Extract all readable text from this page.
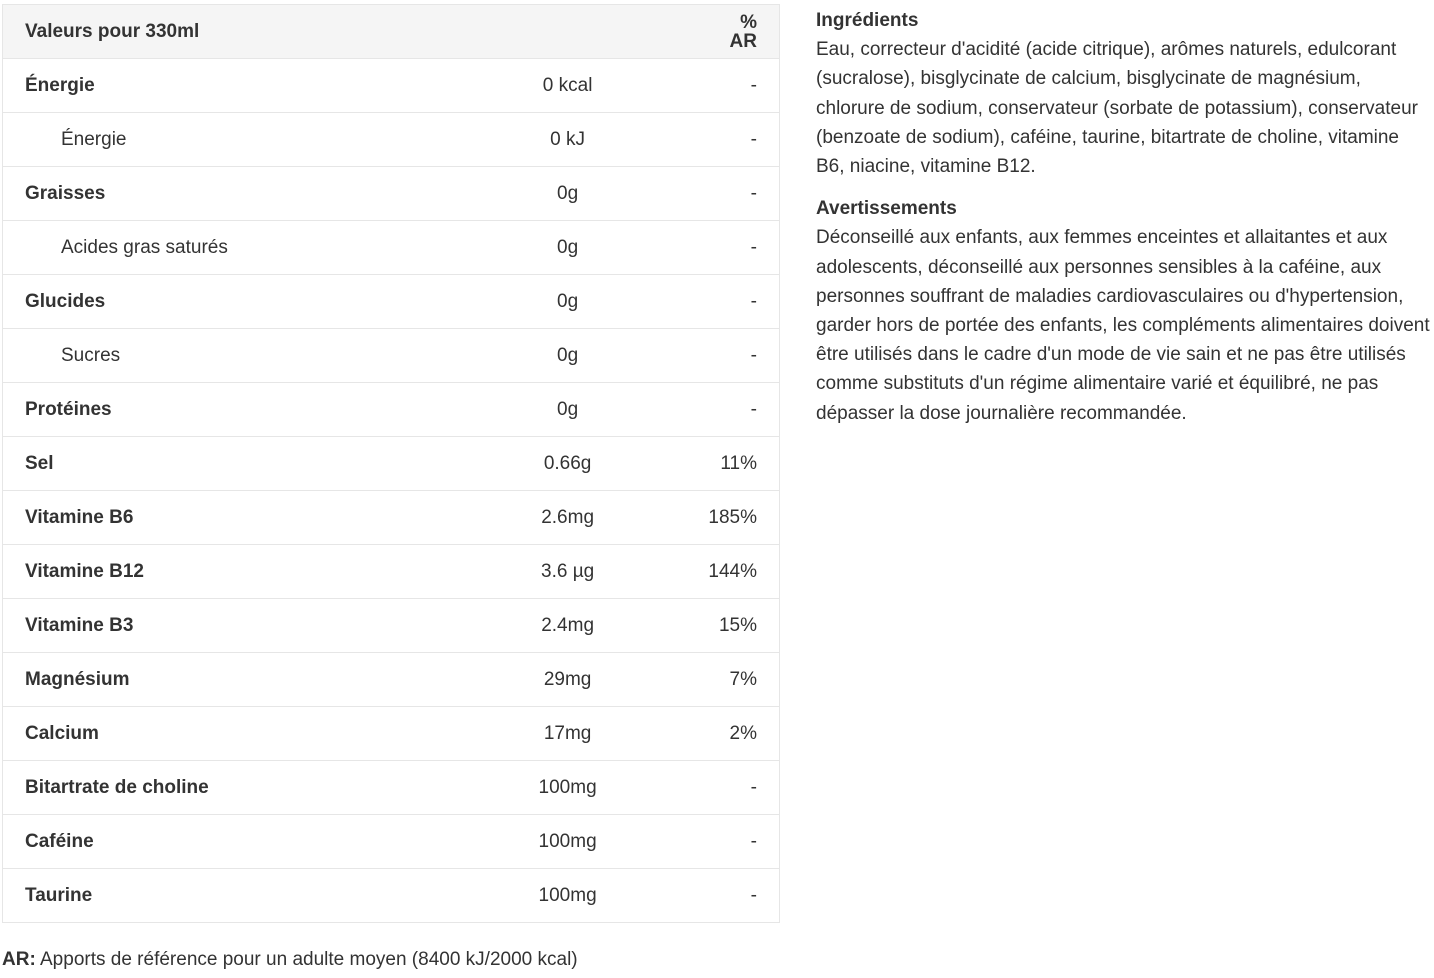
Valeurs pour 330ml		% AR
Énergie	0 kcal	-
Énergie	0 kJ	-
Graisses	0g	-
Acides gras saturés	0g	-
Glucides	0g	-
Sucres	0g	-
Protéines	0g	-
Sel	0.66g	11%
Vitamine B6	2.6mg	185%
Vitamine B12	3.6 µg	144%
Vitamine B3	2.4mg	15%
Magnésium	29mg	7%
Calcium	17mg	2%
Bitartrate de choline	100mg	-
Caféine	100mg	-
Taurine	100mg	-

Ingrédients

Eau, correcteur d'acidité (acide citrique), arômes naturels, edulcorant (sucralose), bisglycinate de calcium, bisglycinate de magnésium, chlorure de sodium, conservateur (sorbate de potassium), conservateur (benzoate de sodium), caféine, taurine, bitartrate de choline, vitamine B6, niacine, vitamine B12.

Avertissements

Déconseillé aux enfants, aux femmes enceintes et allaitantes et aux adolescents, déconseillé aux personnes sensibles à la caféine, aux personnes souffrant de maladies cardiovasculaires ou d'hypertension, garder hors de portée des enfants, les compléments alimentaires doivent être utilisés dans le cadre d'un mode de vie sain et ne pas être utilisés comme substituts d'un régime alimentaire varié et équilibré, ne pas dépasser la dose journalière recommandée.

AR: Apports de référence pour un adulte moyen (8400 kJ/2000 kcal)
